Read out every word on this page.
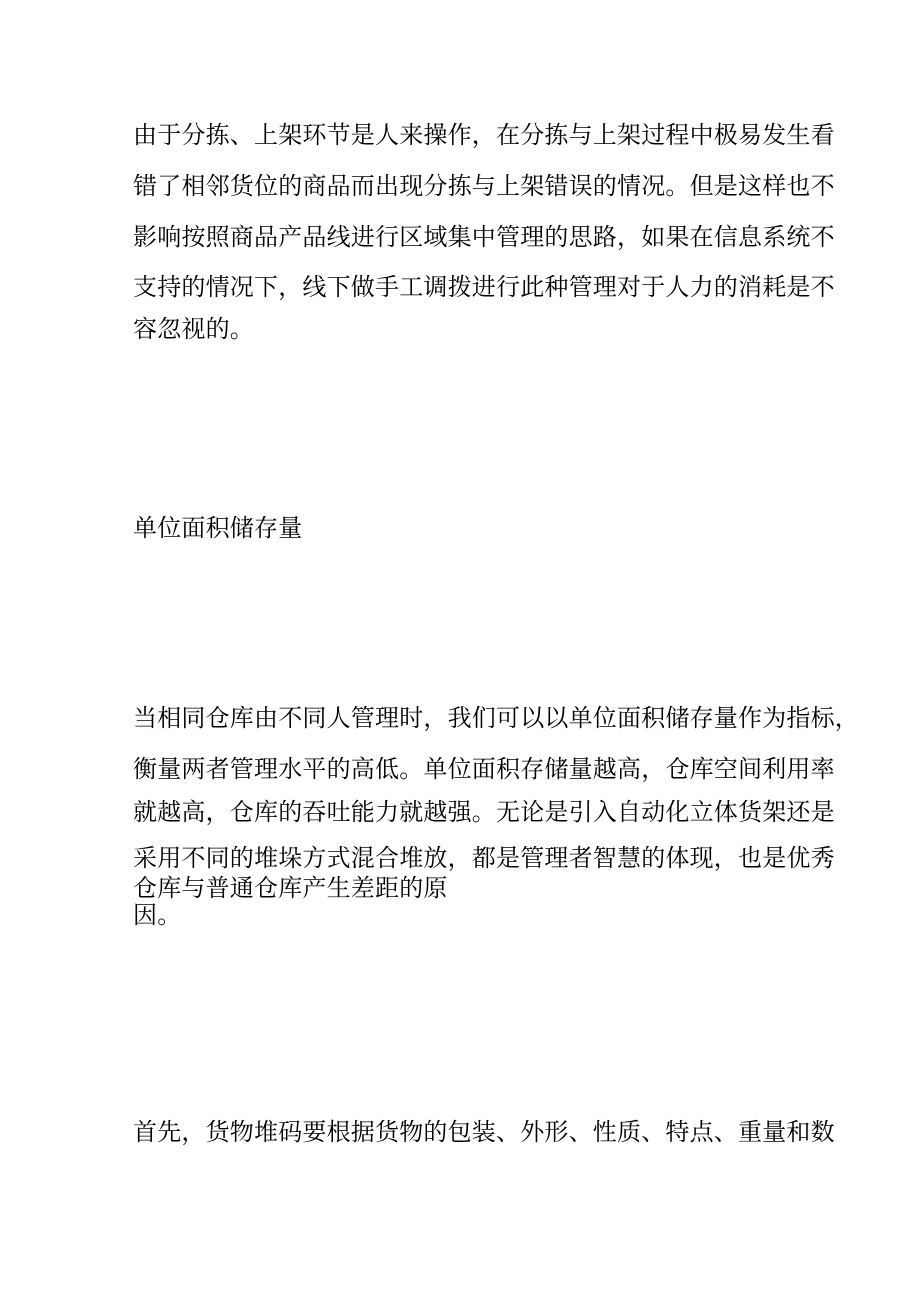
由于分拣、上架环节是人来操作，在分拣与上架过程中极易发生看
错了相邻货位的商品而出现分拣与上架错误的情况。但是这样也不
影响按照商品产品线进行区域集中管理的思路，如果在信息系统不
支持的情况下，线下做手工调拨进行此种管理对于人力的消耗是不
容忽视的。
单位面积储存量
当相同仓库由不同人管理时，我们可以以单位面积储存量作为指标，
衡量两者管理水平的高低。单位面积存储量越高，仓库空间利用率
就越高，仓库的吞吐能力就越强。无论是引入自动化立体货架还是
采用不同的堆垛方式混合堆放，都是管理者智慧的体现，也是优秀
仓库与普通仓库产生差距的原
因。
首先，货物堆码要根据货物的包装、外形、性质、特点、重量和数
